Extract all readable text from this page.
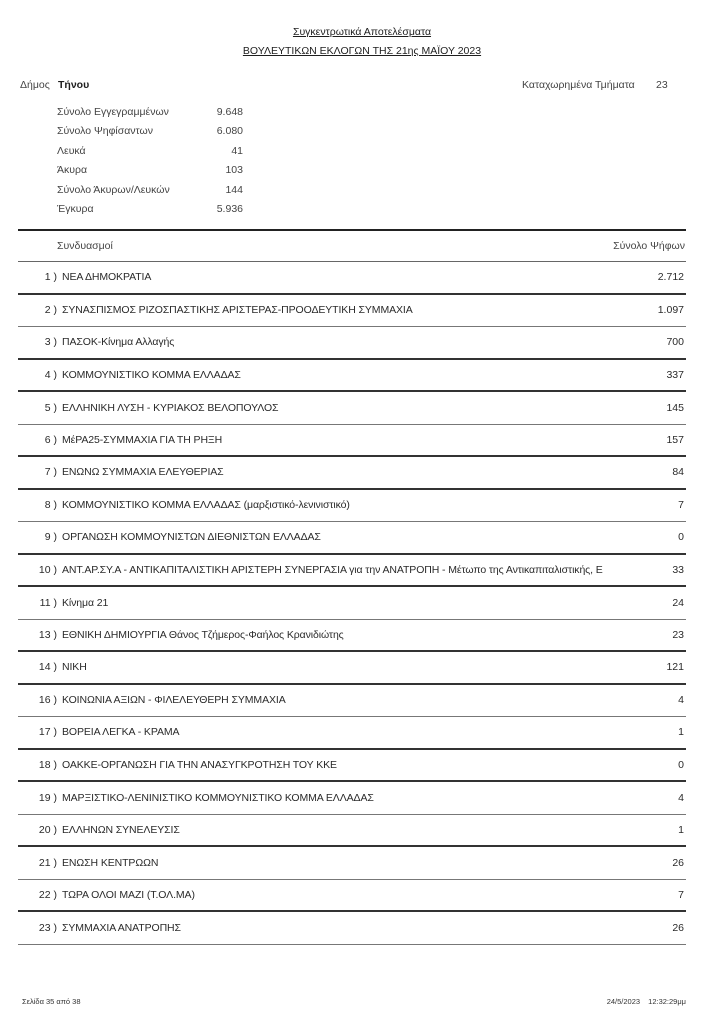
Συγκεντρωτικά Αποτελέσματα
ΒΟΥΛΕΥΤΙΚΩΝ ΕΚΛΟΓΩΝ ΤΗΣ 21ης ΜΑΪΟΥ 2023
Δήμος Τήνου	Καταχωρημένα Τμήματα 23
Σύνολο Εγγεγραμμένων	9.648
Σύνολο Ψηφίσαντων	6.080
Λευκά	41
Άκυρα	103
Σύνολο Άκυρων/Λευκών	144
Έγκυρα	5.936
Συνδυασμοί	Σύνολο Ψήφων
1 ) ΝΕΑ ΔΗΜΟΚΡΑΤΙΑ	2.712
2 ) ΣΥΝΑΣΠΙΣΜΟΣ ΡΙΖΟΣΠΑΣΤΙΚΗΣ ΑΡΙΣΤΕΡΑΣ-ΠΡΟΟΔΕΥΤΙΚΗ ΣΥΜΜΑΧΙΑ	1.097
3 ) ΠΑΣΟΚ-Κίνημα Αλλαγής	700
4 ) ΚΟΜΜΟΥΝΙΣΤΙΚΟ ΚΟΜΜΑ ΕΛΛΑΔΑΣ	337
5 ) ΕΛΛΗΝΙΚΗ ΛΥΣΗ - ΚΥΡΙΑΚΟΣ ΒΕΛΟΠΟΥΛΟΣ	145
6 ) ΜέΡΑ25-ΣΥΜΜΑΧΙΑ ΓΙΑ ΤΗ ΡΗΞΗ	157
7 ) ΕΝΩΝΩ ΣΥΜΜΑΧΙΑ ΕΛΕΥΘΕΡΙΑΣ	84
8 ) ΚΟΜΜΟΥΝΙΣΤΙΚΟ ΚΟΜΜΑ ΕΛΛΑΔΑΣ (μαρξιστικό-λενινιστικό)	7
9 ) ΟΡΓΑΝΩΣΗ ΚΟΜΜΟΥΝΙΣΤΩΝ ΔΙΕΘΝΙΣΤΩΝ ΕΛΛΑΔΑΣ	0
10 ) ΑΝΤ.ΑΡ.ΣΥ.Α - ΑΝΤΙΚΑΠΙΤΑΛΙΣΤΙΚΗ ΑΡΙΣΤΕΡΗ ΣΥΝΕΡΓΑΣΙΑ για την ΑΝΑΤΡΟΠΗ - Μέτωπο της Αντικαπιταλιστικής, Ε	33
11 ) Κίνημα 21	24
13 ) ΕΘΝΙΚΗ ΔΗΜΙΟΥΡΓΙΑ Θάνος Τζήμερος-Φαήλος Κρανιδιώτης	23
14 ) ΝΙΚΗ	121
16 ) ΚΟΙΝΩΝΙΑ ΑΞΙΩΝ - ΦΙΛΕΛΕΥΘΕΡΗ ΣΥΜΜΑΧΙΑ	4
17 ) ΒΟΡΕΙΑ ΛΕΓΚΑ - ΚΡΑΜΑ	1
18 ) ΟΑΚΚΕ-ΟΡΓΑΝΩΣΗ ΓΙΑ ΤΗΝ ΑΝΑΣΥΓΚΡΟΤΗΣΗ ΤΟΥ ΚΚΕ	0
19 ) ΜΑΡΞΙΣΤΙΚΟ-ΛΕΝΙΝΙΣΤΙΚΟ ΚΟΜΜΟΥΝΙΣΤΙΚΟ ΚΟΜΜΑ ΕΛΛΑΔΑΣ	4
20 ) ΕΛΛΗΝΩΝ ΣΥΝΕΛΕΥΣΙΣ	1
21 ) ΕΝΩΣΗ ΚΕΝΤΡΩΩΝ	26
22 ) ΤΩΡΑ ΟΛΟΙ ΜΑΖΙ (Τ.ΟΛ.ΜΑ)	7
23 ) ΣΥΜΜΑΧΙΑ ΑΝΑΤΡΟΠΗΣ	26
Σελίδα 35 από 38	24/5/2023 12:32:29μμ
